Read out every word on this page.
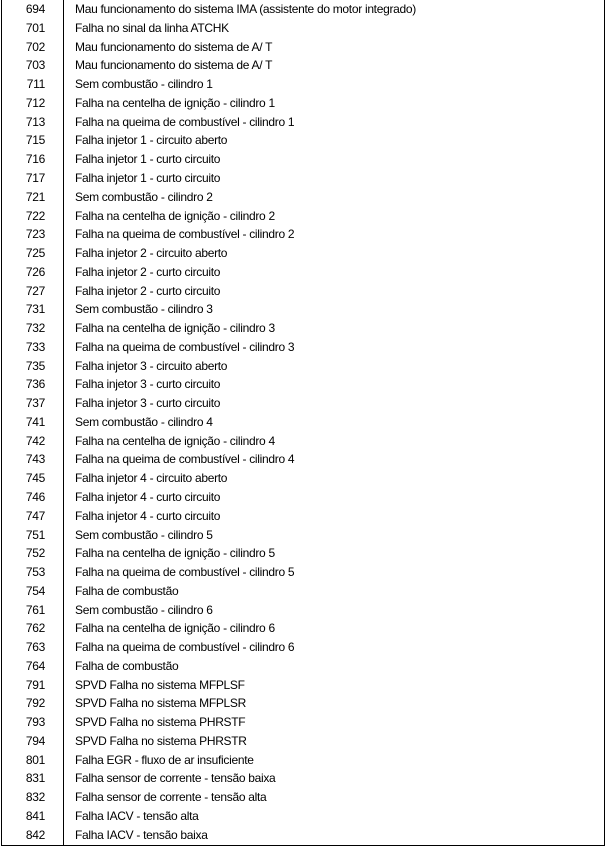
694	Mau funcionamento do sistema IMA (assistente do motor integrado)
701	Falha no sinal da linha ATCHK
702	Mau funcionamento do sistema de A/ T
703	Mau funcionamento do sistema de A/ T
711	Sem combustão - cilindro 1
712	Falha na centelha de ignição - cilindro 1
713	Falha na queima de combustível - cilindro 1
715	Falha injetor 1 - circuito aberto
716	Falha injetor 1 - curto circuito
717	Falha injetor 1 - curto circuito
721	Sem combustão - cilindro 2
722	Falha na centelha de ignição - cilindro 2
723	Falha na queima de combustível - cilindro 2
725	Falha injetor 2 - circuito aberto
726	Falha injetor 2 - curto circuito
727	Falha injetor 2 - curto circuito
731	Sem combustão - cilindro 3
732	Falha na centelha de ignição - cilindro 3
733	Falha na queima de combustível - cilindro 3
735	Falha injetor 3 - circuito aberto
736	Falha injetor 3 - curto circuito
737	Falha injetor 3 - curto circuito
741	Sem combustão - cilindro 4
742	Falha na centelha de ignição - cilindro 4
743	Falha na queima de combustível - cilindro 4
745	Falha injetor 4 - circuito aberto
746	Falha injetor 4 - curto circuito
747	Falha injetor 4 - curto circuito
751	Sem combustão - cilindro 5
752	Falha na centelha de ignição - cilindro 5
753	Falha na queima de combustível - cilindro 5
754	Falha de combustão
761	Sem combustão - cilindro 6
762	Falha na centelha de ignição - cilindro 6
763	Falha na queima de combustível - cilindro 6
764	Falha de combustão
791	SPVD Falha no sistema MFPLSF
792	SPVD Falha no sistema MFPLSR
793	SPVD Falha no sistema PHRSTF
794	SPVD Falha no sistema PHRSTR
801	Falha EGR - fluxo de ar insuficiente
831	Falha sensor de corrente - tensão baixa
832	Falha sensor de corrente - tensão alta
841	Falha IACV - tensão alta
842	Falha IACV - tensão baixa
